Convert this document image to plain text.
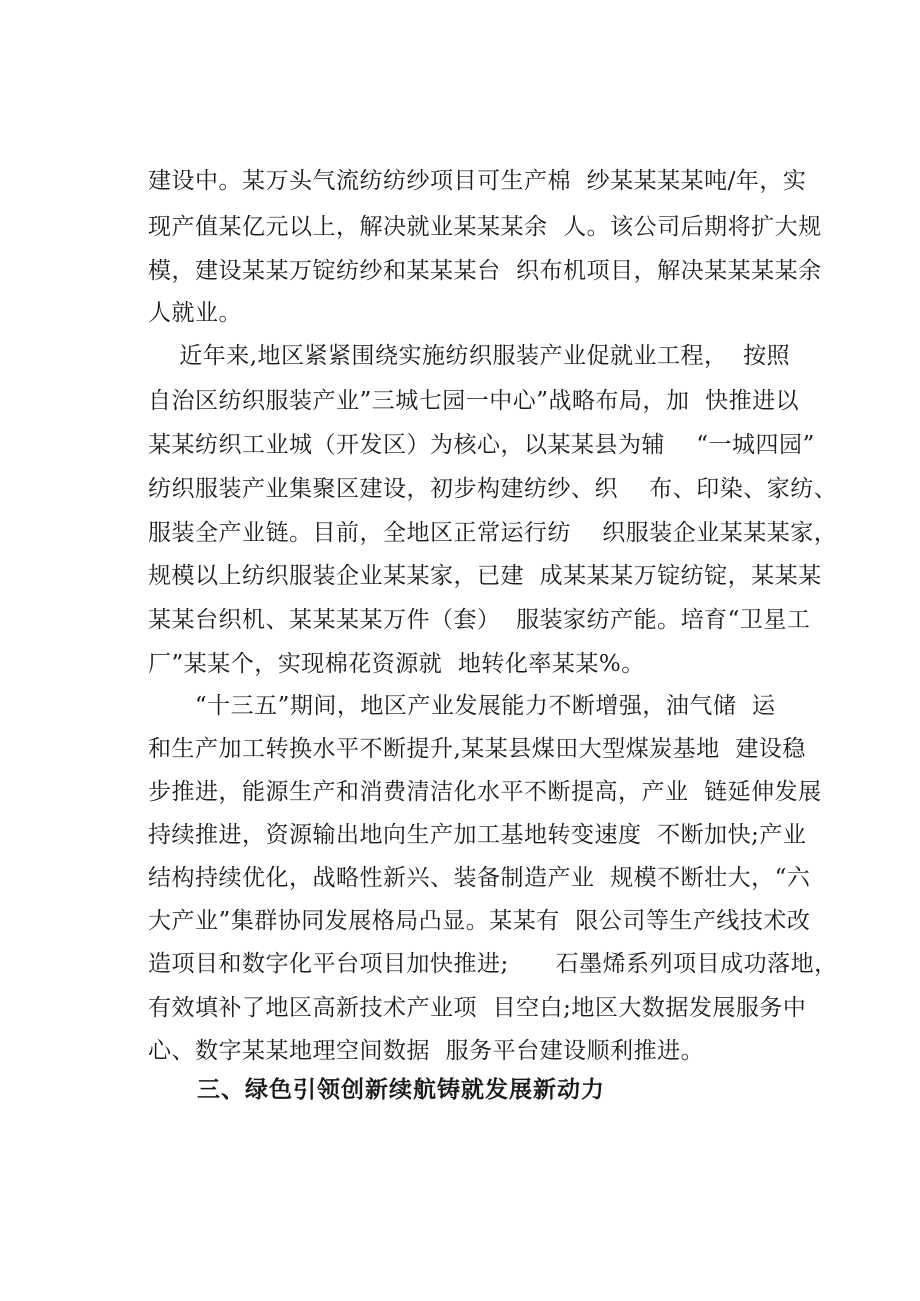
建设中。某万头气流纺纺纱项目可生产棉  纱某某某某吨/年，实
现产值某亿元以上，解决就业某某某余  人。该公司后期将扩大规
模，建设某某万锭纺纱和某某某台  织布机项目，解决某某某某余
人就业。
近年来,地区紧紧围绕实施纺织服装产业促就业工程，  按照
自治区纺织服装产业”三城七园一中心”战略布局，加  快推进以
某某纺织工业城（开发区）为核心，以某某县为辅    “一城四园”
纺织服装产业集聚区建设，初步构建纺纱、织    布、印染、家纺、
服装全产业链。目前，全地区正常运行纺    织服装企业某某某家，
规模以上纺织服装企业某某家，已建  成某某某万锭纺锭，某某某
某某台织机、某某某某万件（套）  服装家纺产能。培育“卫星工
厂”某某个，实现棉花资源就  地转化率某某%。
“十三五”期间，地区产业发展能力不断增强，油气储  运
和生产加工转换水平不断提升,某某县煤田大型煤炭基地  建设稳
步推进，能源生产和消费清洁化水平不断提高，产业  链延伸发展
持续推进，资源输出地向生产加工基地转变速度  不断加快;产业
结构持续优化，战略性新兴、装备制造产业  规模不断壮大，“六
大产业”集群协同发展格局凸显。某某有  限公司等生产线技术改
造项目和数字化平台项目加快推进;      石墨烯系列项目成功落地，
有效填补了地区高新技术产业项  目空白;地区大数据发展服务中
心、数字某某地理空间数据  服务平台建设顺利推进。
三、绿色引领创新续航铸就发展新动力
